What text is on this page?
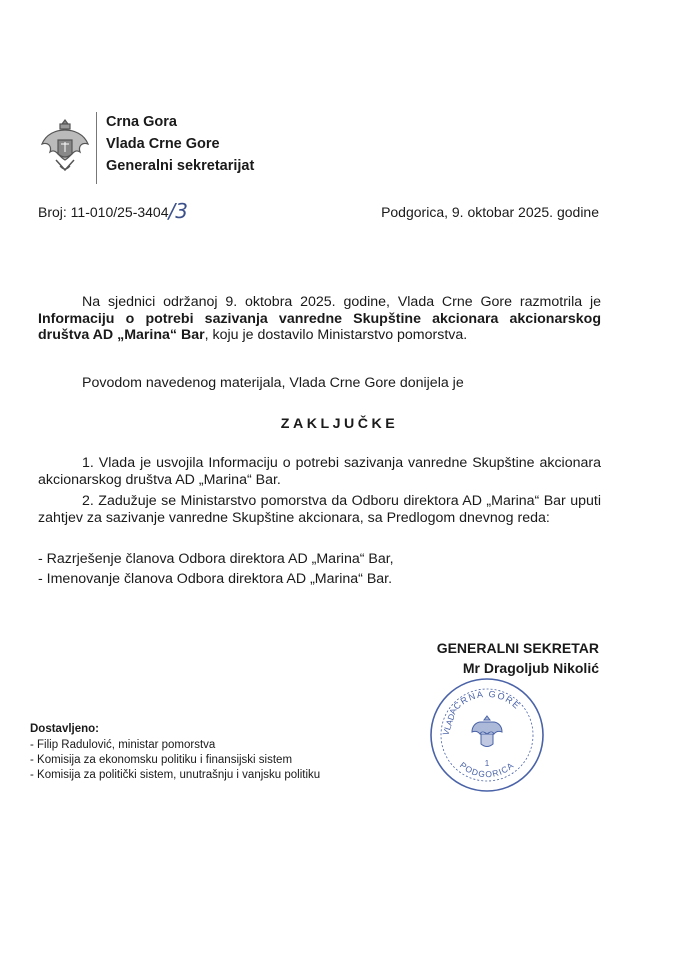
Crna Gora
Vlada Crne Gore
Generalni sekretarijat
Broj: 11-010/25-3404/3	Podgorica, 9. oktobar 2025. godine
Na sjednici održanoj 9. oktobra 2025. godine, Vlada Crne Gore razmotrila je Informaciju o potrebi sazivanja vanredne Skupštine akcionara akcionarskog društva AD „Marina“ Bar, koju je dostavilo Ministarstvo pomorstva.
Povodom navedenog materijala, Vlada Crne Gore donijela je
ZAKLJUČKE
1. Vlada je usvojila Informaciju o potrebi sazivanja vanredne Skupštine akcionara akcionarskog društva AD „Marina“ Bar.
2. Zadužuje se Ministarstvo pomorstva da Odboru direktora AD „Marina“ Bar uputi zahtjev za sazivanje vanredne Skupštine akcionara, sa Predlogom dnevnog reda:
- Razrješenje članova Odbora direktora AD „Marina“ Bar,
- Imenovanje članova Odbora direktora AD „Marina“ Bar.
GENERALNI SEKRETAR
Mr Dragoljub Nikolić
CRNA GORE
VLADA
PODGORICA
1
Dostavljeno:
- Filip Radulović, ministar pomorstva
- Komisija za ekonomsku politiku i finansijski sistem
- Komisija za politički sistem, unutrašnju i vanjsku politiku
